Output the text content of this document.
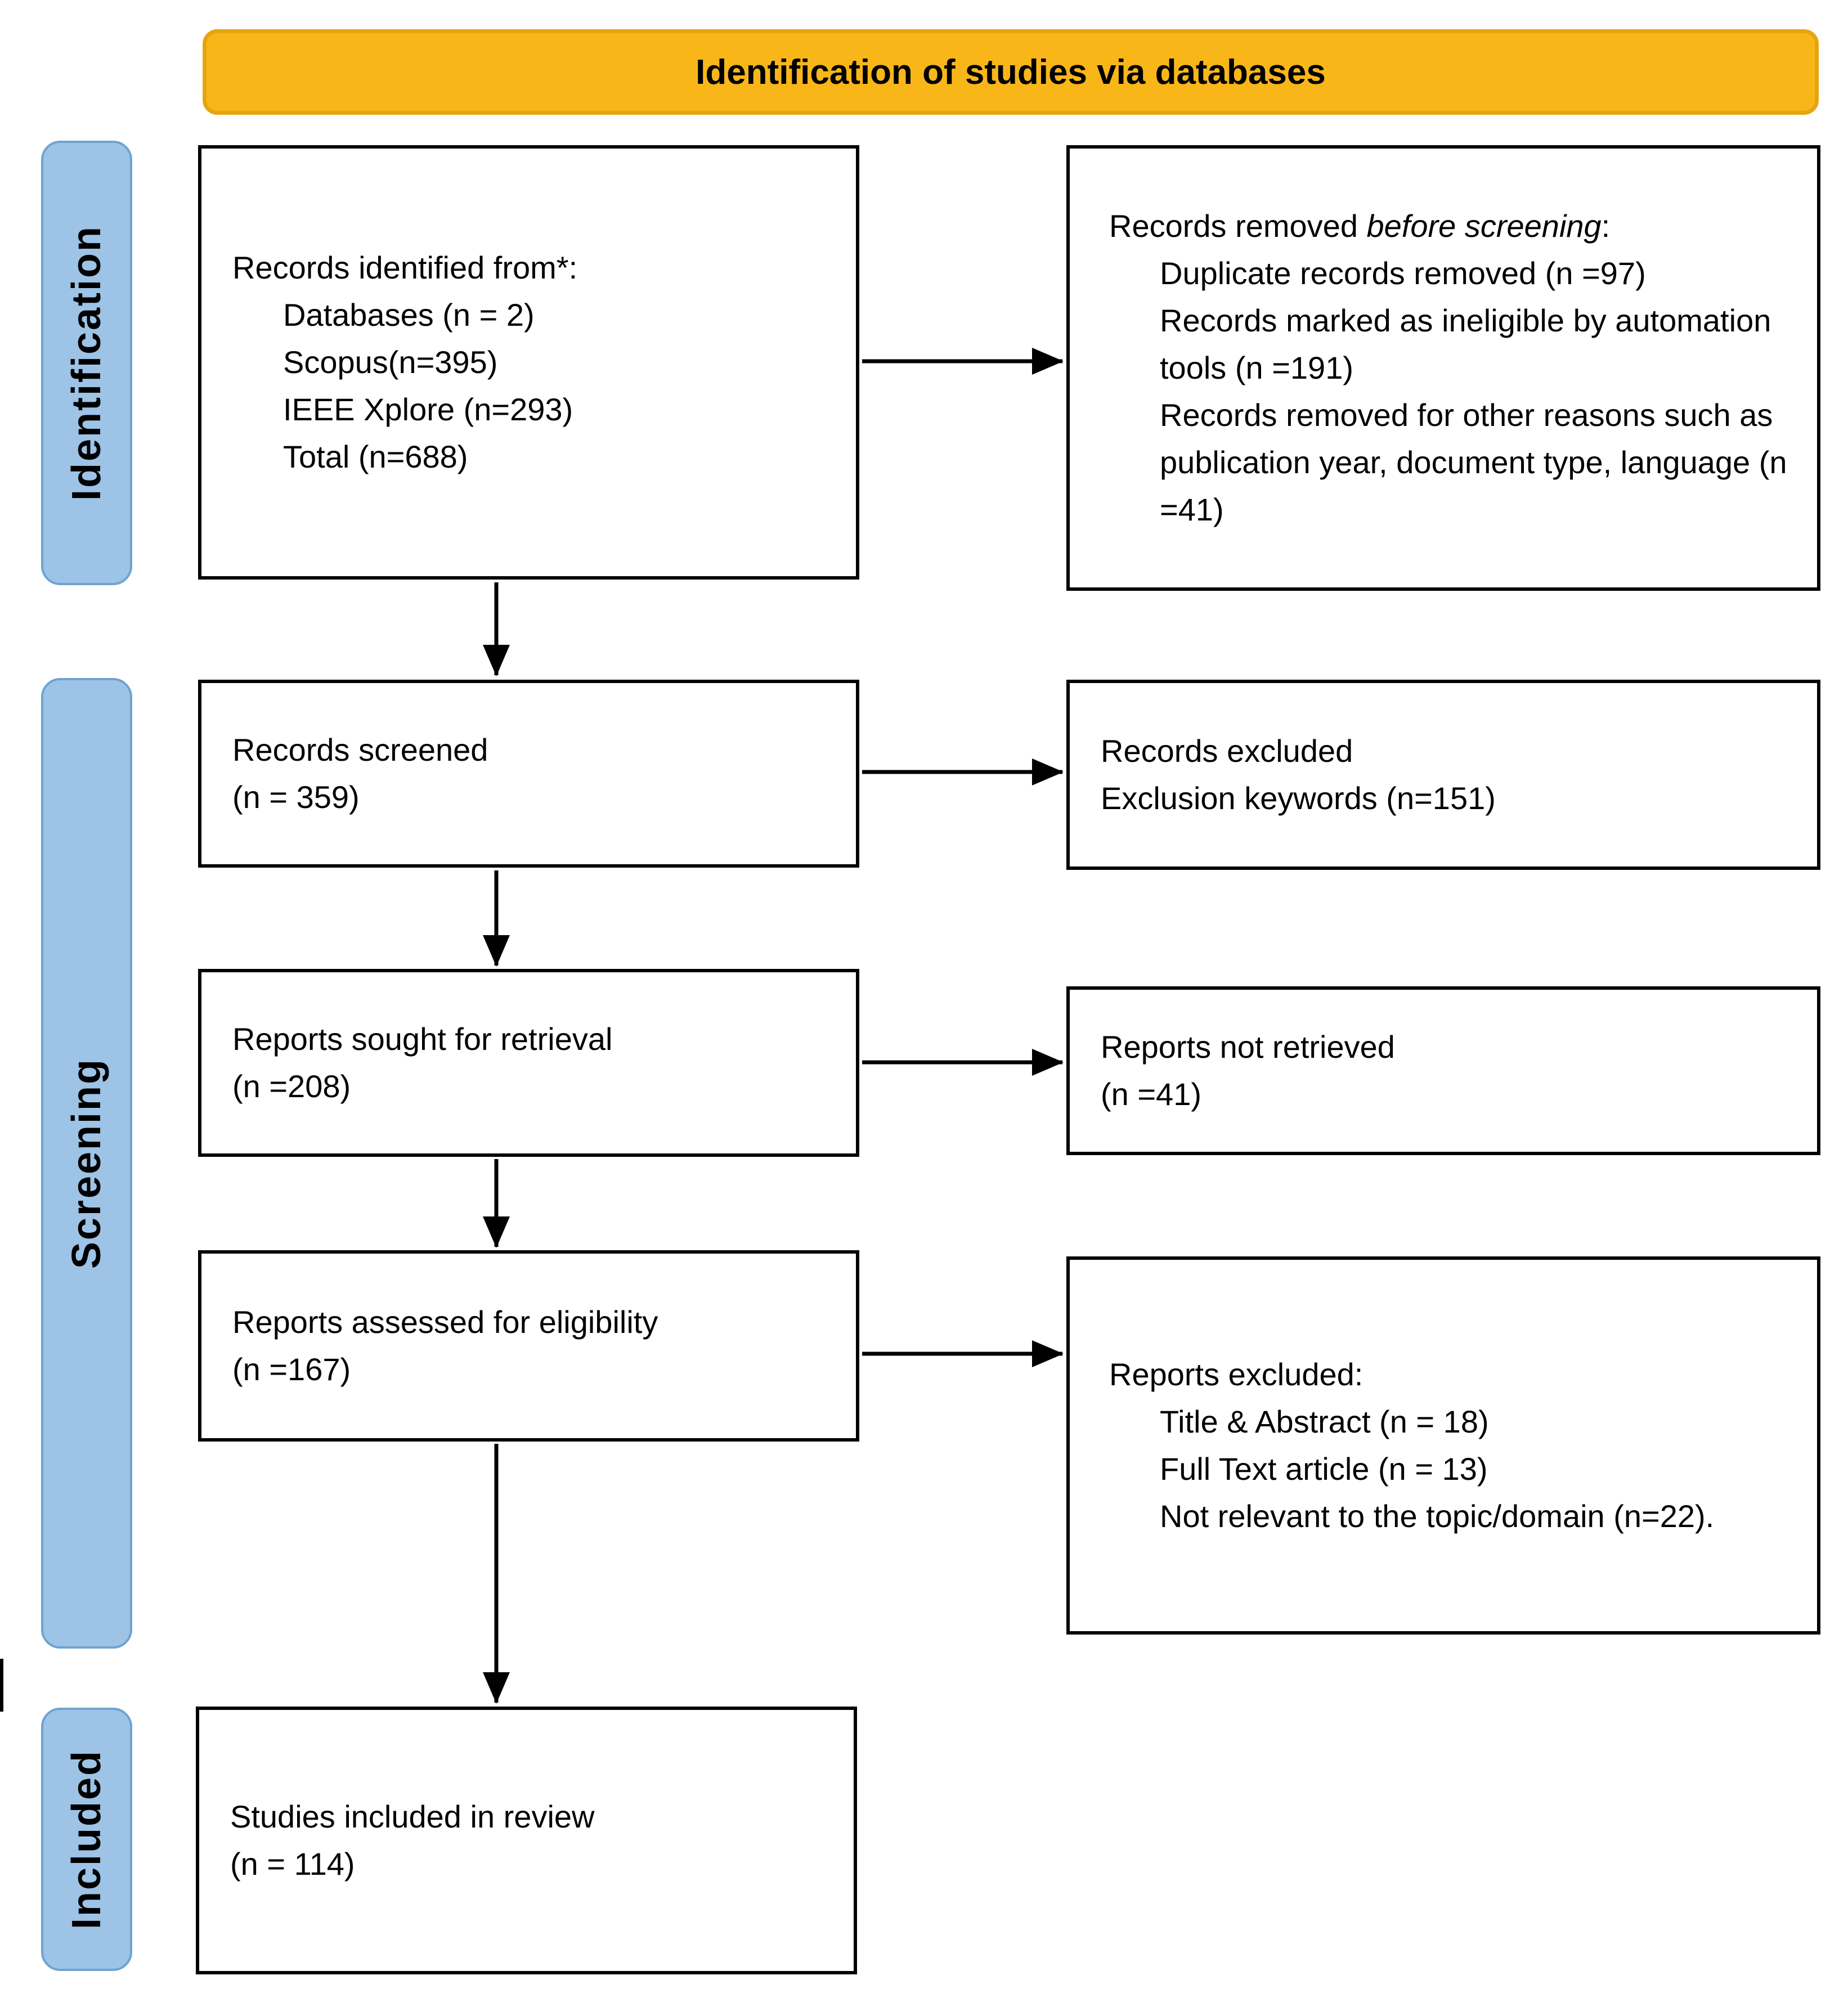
Identification of studies via databases
Identification
Screening
Included
Records identified from*:
Databases (n = 2)
Scopus(n=395)
IEEE Xplore (n=293)
Total (n=688)
Records removed before screening:
Duplicate records removed (n =97)
Records marked as ineligible by automation tools (n =191)
Records removed for other reasons such as publication year, document type, language (n =41)
Records screened
(n = 359)
Records excluded
Exclusion keywords (n=151)
Reports sought for retrieval
(n =208)
Reports not retrieved
(n =41)
Reports assessed for eligibility
(n =167)	Reports excluded:
Title & Abstract (n = 18)
Full Text article (n = 13)
Not relevant to the topic/domain (n=22).
Studies included in review
(n = 114)
